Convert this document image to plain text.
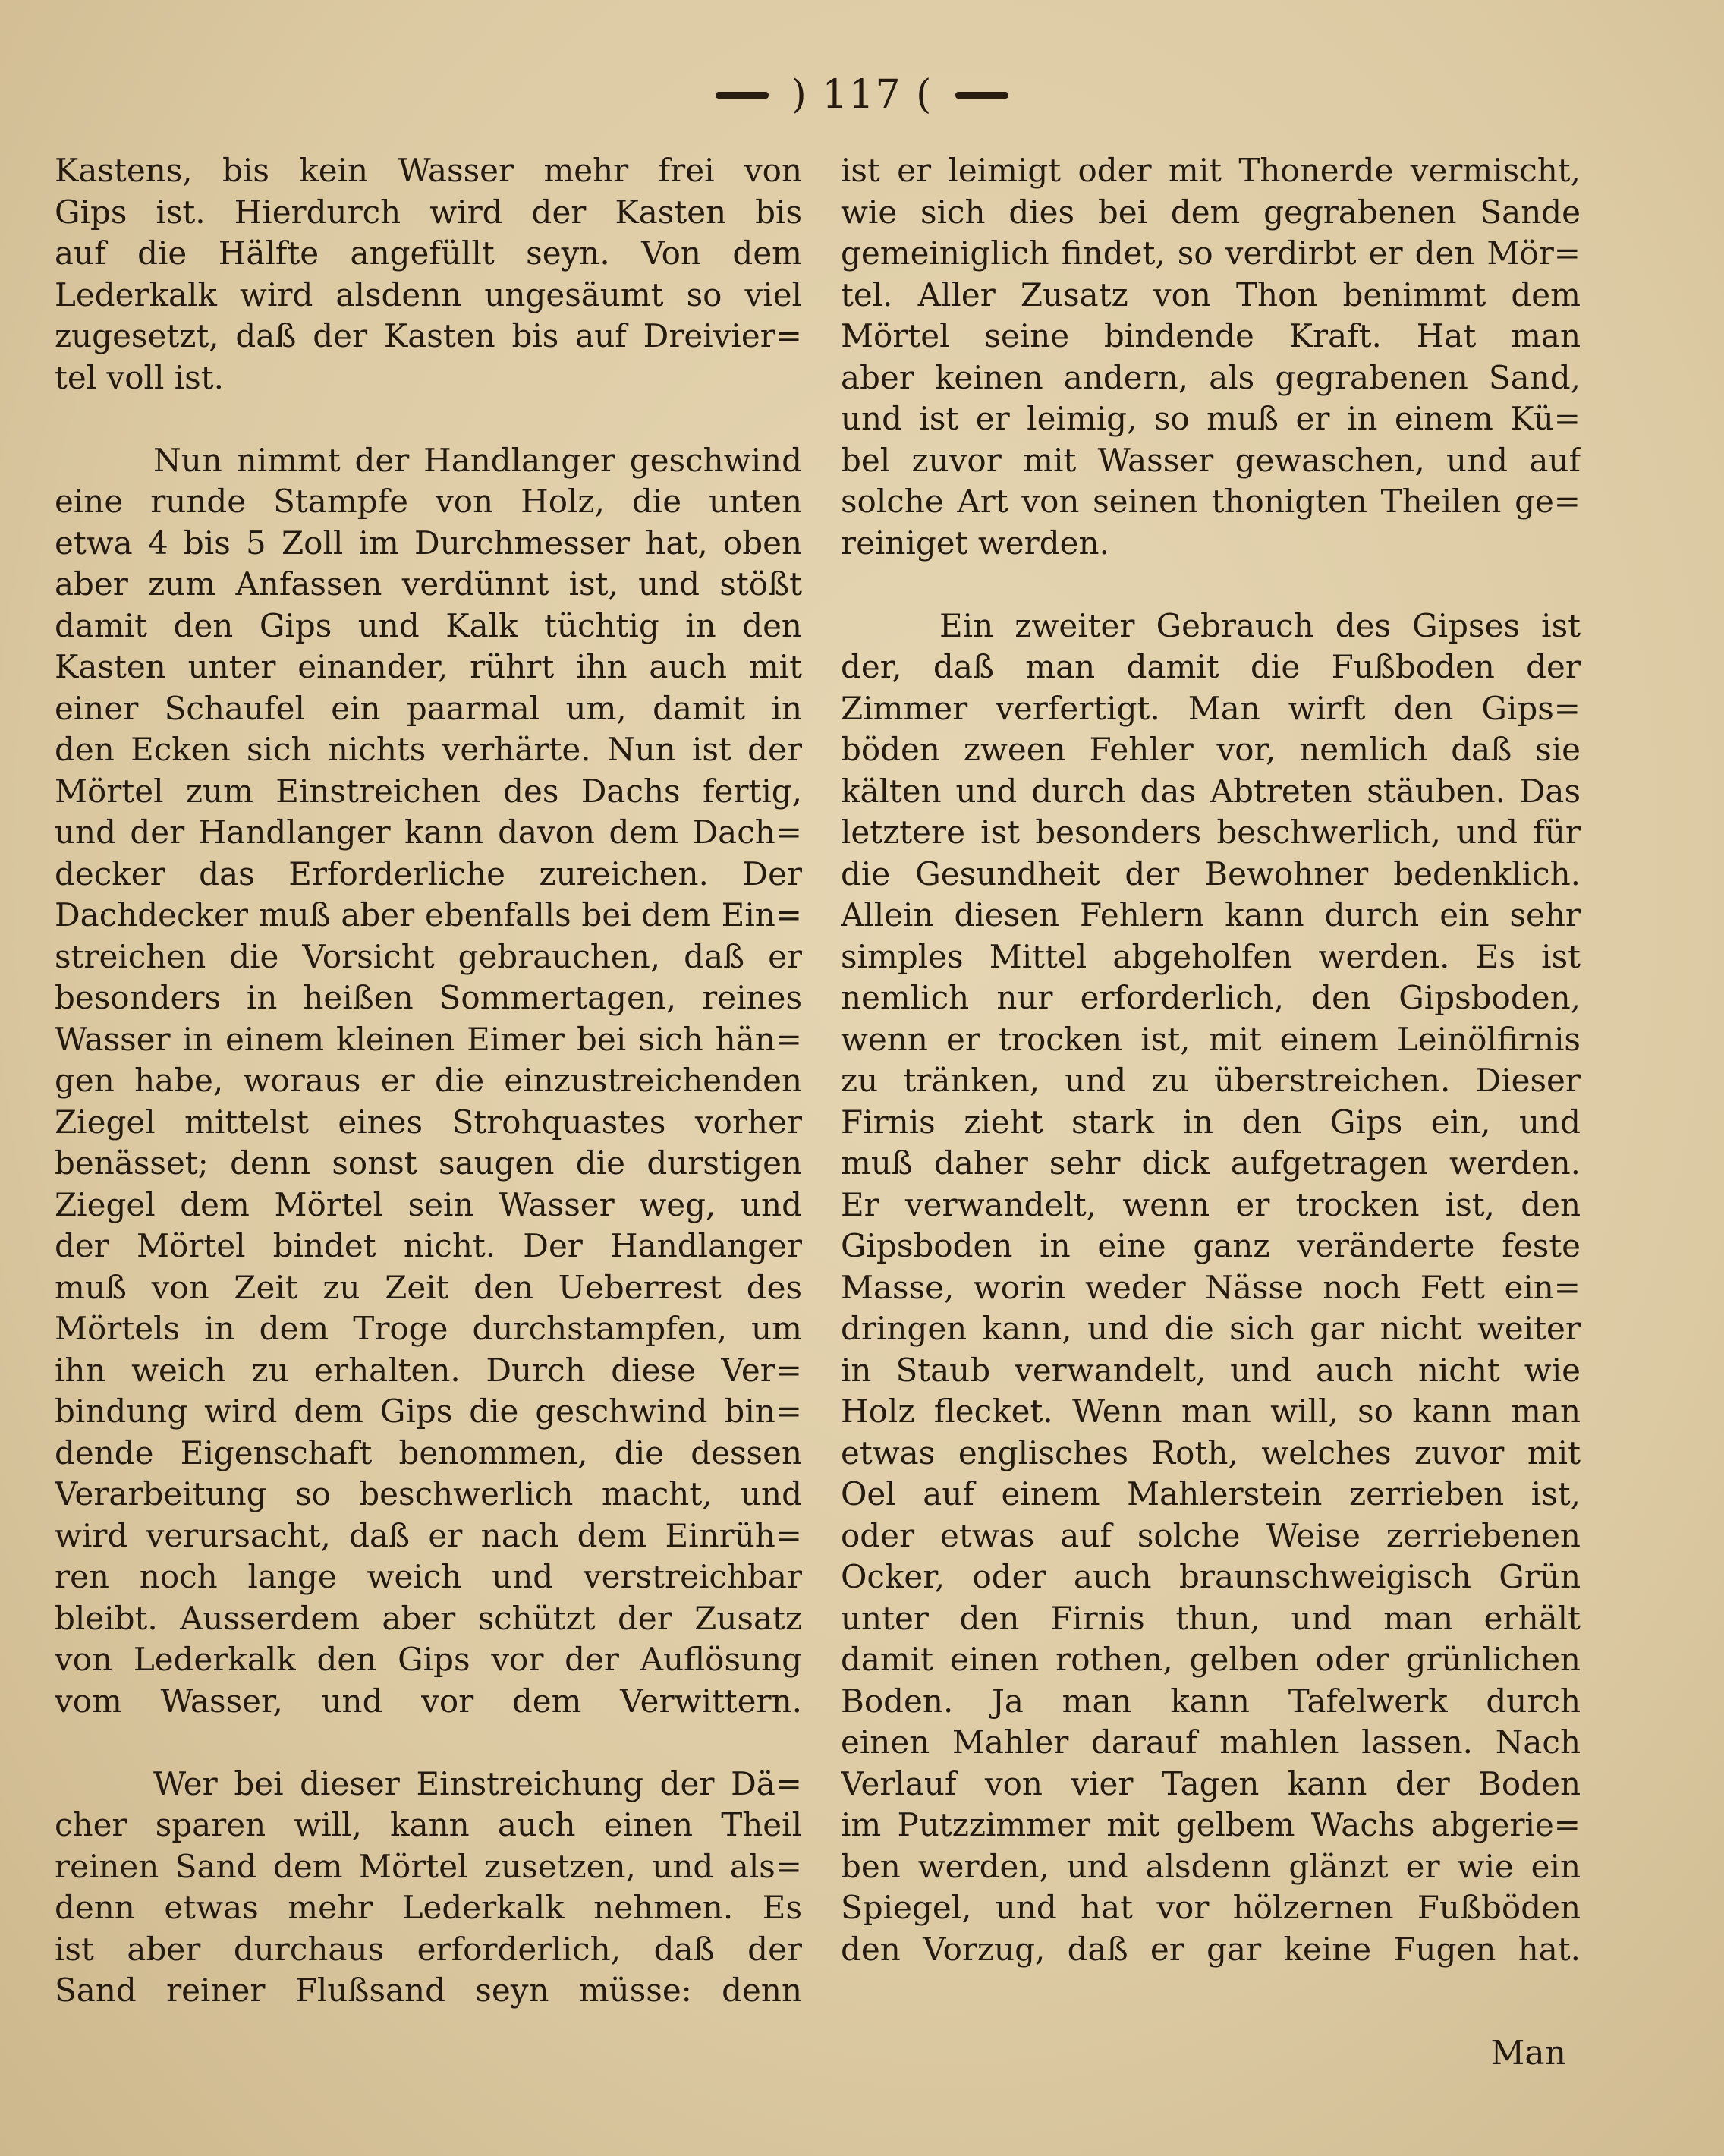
) 117 (
Kastens, bis kein Wasser mehr frei von
Gips ist. Hierdurch wird der Kasten bis
auf die Hälfte angefüllt seyn. Von dem
Lederkalk wird alsdenn ungesäumt so viel
zugesetzt, daß der Kasten bis auf Dreivier=
tel voll ist.
Nun nimmt der Handlanger geschwind
eine runde Stampfe von Holz, die unten
etwa 4 bis 5 Zoll im Durchmesser hat, oben
aber zum Anfassen verdünnt ist, und stößt
damit den Gips und Kalk tüchtig in den
Kasten unter einander, rührt ihn auch mit
einer Schaufel ein paarmal um, damit in
den Ecken sich nichts verhärte. Nun ist der
Mörtel zum Einstreichen des Dachs fertig,
und der Handlanger kann davon dem Dach=
decker das Erforderliche zureichen. Der
Dachdecker muß aber ebenfalls bei dem Ein=
streichen die Vorsicht gebrauchen, daß er
besonders in heißen Sommertagen, reines
Wasser in einem kleinen Eimer bei sich hän=
gen habe, woraus er die einzustreichenden
Ziegel mittelst eines Strohquastes vorher
benässet; denn sonst saugen die durstigen
Ziegel dem Mörtel sein Wasser weg, und
der Mörtel bindet nicht. Der Handlanger
muß von Zeit zu Zeit den Ueberrest des
Mörtels in dem Troge durchstampfen, um
ihn weich zu erhalten. Durch diese Ver=
bindung wird dem Gips die geschwind bin=
dende Eigenschaft benommen, die dessen
Verarbeitung so beschwerlich macht, und
wird verursacht, daß er nach dem Einrüh=
ren noch lange weich und verstreichbar
bleibt. Ausserdem aber schützt der Zusatz
von Lederkalk den Gips vor der Auflösung
vom Wasser, und vor dem Verwittern.
Wer bei dieser Einstreichung der Dä=
cher sparen will, kann auch einen Theil
reinen Sand dem Mörtel zusetzen, und als=
denn etwas mehr Lederkalk nehmen. Es
ist aber durchaus erforderlich, daß der
Sand reiner Flußsand seyn müsse: denn
ist er leimigt oder mit Thonerde vermischt,
wie sich dies bei dem gegrabenen Sande
gemeiniglich findet, so verdirbt er den Mör=
tel. Aller Zusatz von Thon benimmt dem
Mörtel seine bindende Kraft. Hat man
aber keinen andern, als gegrabenen Sand,
und ist er leimig, so muß er in einem Kü=
bel zuvor mit Wasser gewaschen, und auf
solche Art von seinen thonigten Theilen ge=
reiniget werden.
Ein zweiter Gebrauch des Gipses ist
der, daß man damit die Fußboden der
Zimmer verfertigt. Man wirft den Gips=
böden zween Fehler vor, nemlich daß sie
kälten und durch das Abtreten stäuben. Das
letztere ist besonders beschwerlich, und für
die Gesundheit der Bewohner bedenklich.
Allein diesen Fehlern kann durch ein sehr
simples Mittel abgeholfen werden. Es ist
nemlich nur erforderlich, den Gipsboden,
wenn er trocken ist, mit einem Leinölfirnis
zu tränken, und zu überstreichen. Dieser
Firnis zieht stark in den Gips ein, und
muß daher sehr dick aufgetragen werden.
Er verwandelt, wenn er trocken ist, den
Gipsboden in eine ganz veränderte feste
Masse, worin weder Nässe noch Fett ein=
dringen kann, und die sich gar nicht weiter
in Staub verwandelt, und auch nicht wie
Holz flecket. Wenn man will, so kann man
etwas englisches Roth, welches zuvor mit
Oel auf einem Mahlerstein zerrieben ist,
oder etwas auf solche Weise zerriebenen
Ocker, oder auch braunschweigisch Grün
unter den Firnis thun, und man erhält
damit einen rothen, gelben oder grünlichen
Boden. Ja man kann Tafelwerk durch
einen Mahler darauf mahlen lassen. Nach
Verlauf von vier Tagen kann der Boden
im Putzzimmer mit gelbem Wachs abgerie=
ben werden, und alsdenn glänzt er wie ein
Spiegel, und hat vor hölzernen Fußböden
den Vorzug, daß er gar keine Fugen hat.
Man
